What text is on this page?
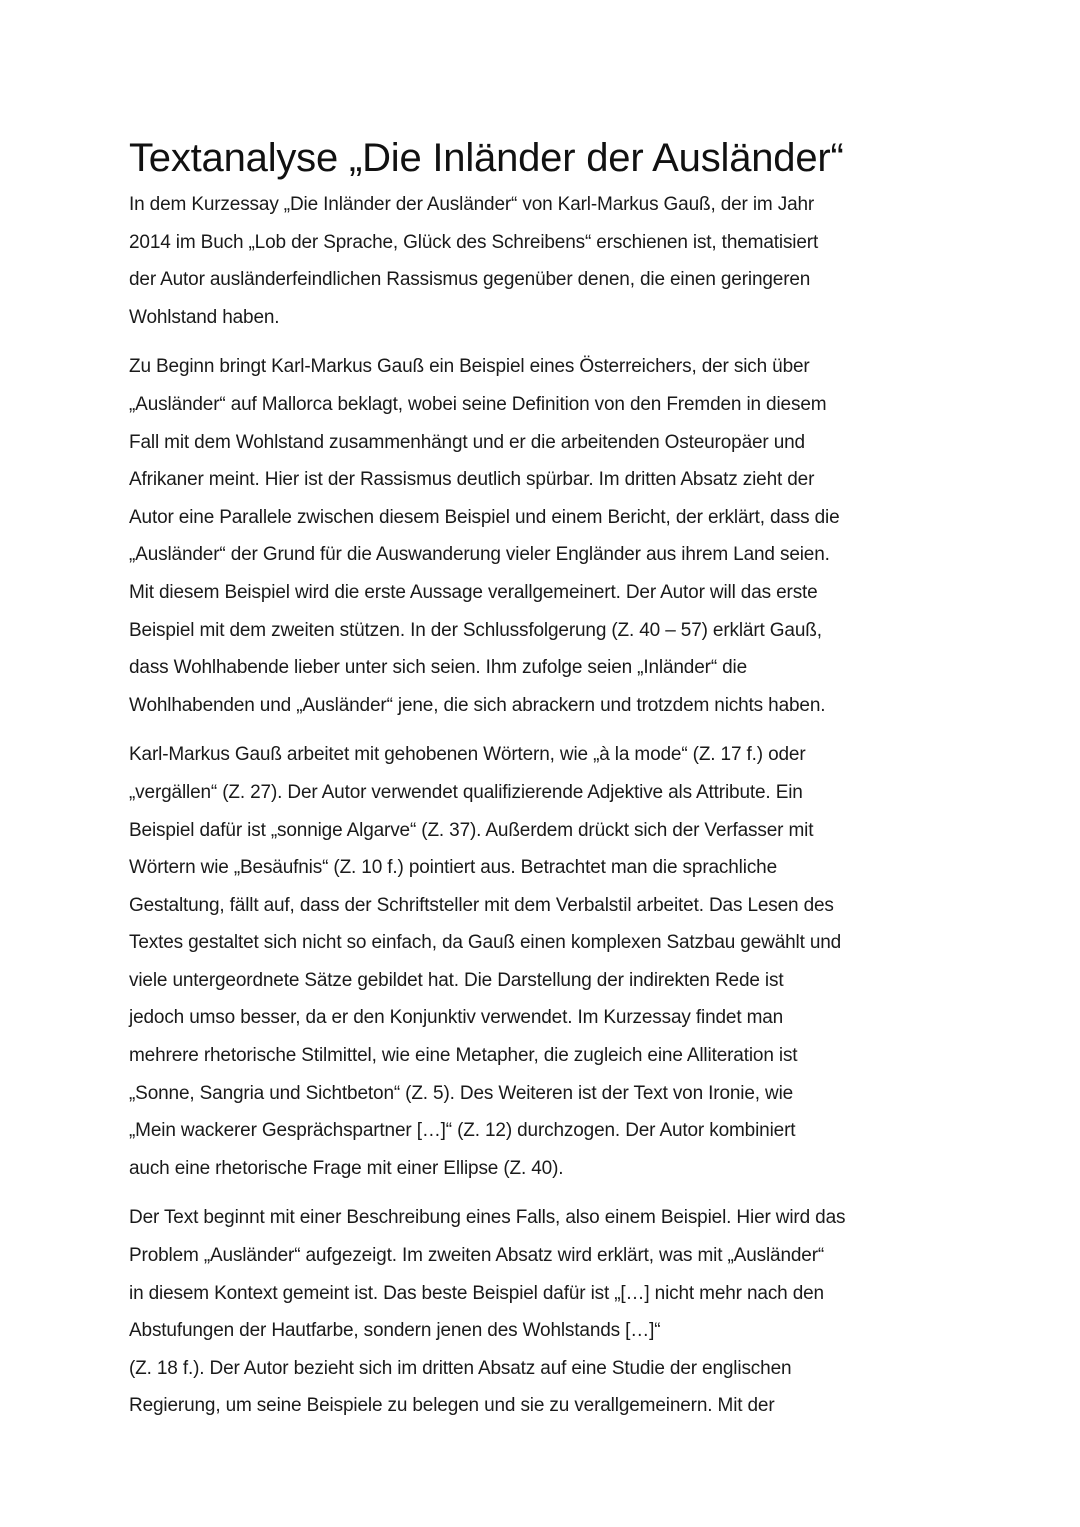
Textanalyse „Die Inländer der Ausländer“
In dem Kurzessay „Die Inländer der Ausländer“ von Karl-Markus Gauß, der im Jahr
2014 im Buch „Lob der Sprache, Glück des Schreibens“ erschienen ist, thematisiert
der Autor ausländerfeindlichen Rassismus gegenüber denen, die einen geringeren
Wohlstand haben.
Zu Beginn bringt Karl-Markus Gauß ein Beispiel eines Österreichers, der sich über
„Ausländer“ auf Mallorca beklagt, wobei seine Definition von den Fremden in diesem
Fall mit dem Wohlstand zusammenhängt und er die arbeitenden Osteuropäer und
Afrikaner meint. Hier ist der Rassismus deutlich spürbar. Im dritten Absatz zieht der
Autor eine Parallele zwischen diesem Beispiel und einem Bericht, der erklärt, dass die
„Ausländer“ der Grund für die Auswanderung vieler Engländer aus ihrem Land seien.
Mit diesem Beispiel wird die erste Aussage verallgemeinert. Der Autor will das erste
Beispiel mit dem zweiten stützen. In der Schlussfolgerung (Z. 40 – 57) erklärt Gauß,
dass Wohlhabende lieber unter sich seien. Ihm zufolge seien „Inländer“ die
Wohlhabenden und „Ausländer“ jene, die sich abrackern und trotzdem nichts haben.
Karl-Markus Gauß arbeitet mit gehobenen Wörtern, wie „à la mode“ (Z. 17 f.) oder
„vergällen“ (Z. 27). Der Autor verwendet qualifizierende Adjektive als Attribute. Ein
Beispiel dafür ist „sonnige Algarve“ (Z. 37). Außerdem drückt sich der Verfasser mit
Wörtern wie „Besäufnis“ (Z. 10 f.) pointiert aus. Betrachtet man die sprachliche
Gestaltung, fällt auf, dass der Schriftsteller mit dem Verbalstil arbeitet. Das Lesen des
Textes gestaltet sich nicht so einfach, da Gauß einen komplexen Satzbau gewählt und
viele untergeordnete Sätze gebildet hat. Die Darstellung der indirekten Rede ist
jedoch umso besser, da er den Konjunktiv verwendet. Im Kurzessay findet man
mehrere rhetorische Stilmittel, wie eine Metapher, die zugleich eine Alliteration ist
„Sonne, Sangria und Sichtbeton“ (Z. 5). Des Weiteren ist der Text von Ironie, wie
„Mein wackerer Gesprächspartner […]“ (Z. 12) durchzogen. Der Autor kombiniert
auch eine rhetorische Frage mit einer Ellipse (Z. 40).
Der Text beginnt mit einer Beschreibung eines Falls, also einem Beispiel. Hier wird das
Problem „Ausländer“ aufgezeigt. Im zweiten Absatz wird erklärt, was mit „Ausländer“
in diesem Kontext gemeint ist. Das beste Beispiel dafür ist „[…] nicht mehr nach den
Abstufungen der Hautfarbe, sondern jenen des Wohlstands […]“
(Z. 18 f.). Der Autor bezieht sich im dritten Absatz auf eine Studie der englischen
Regierung, um seine Beispiele zu belegen und sie zu verallgemeinern. Mit der
